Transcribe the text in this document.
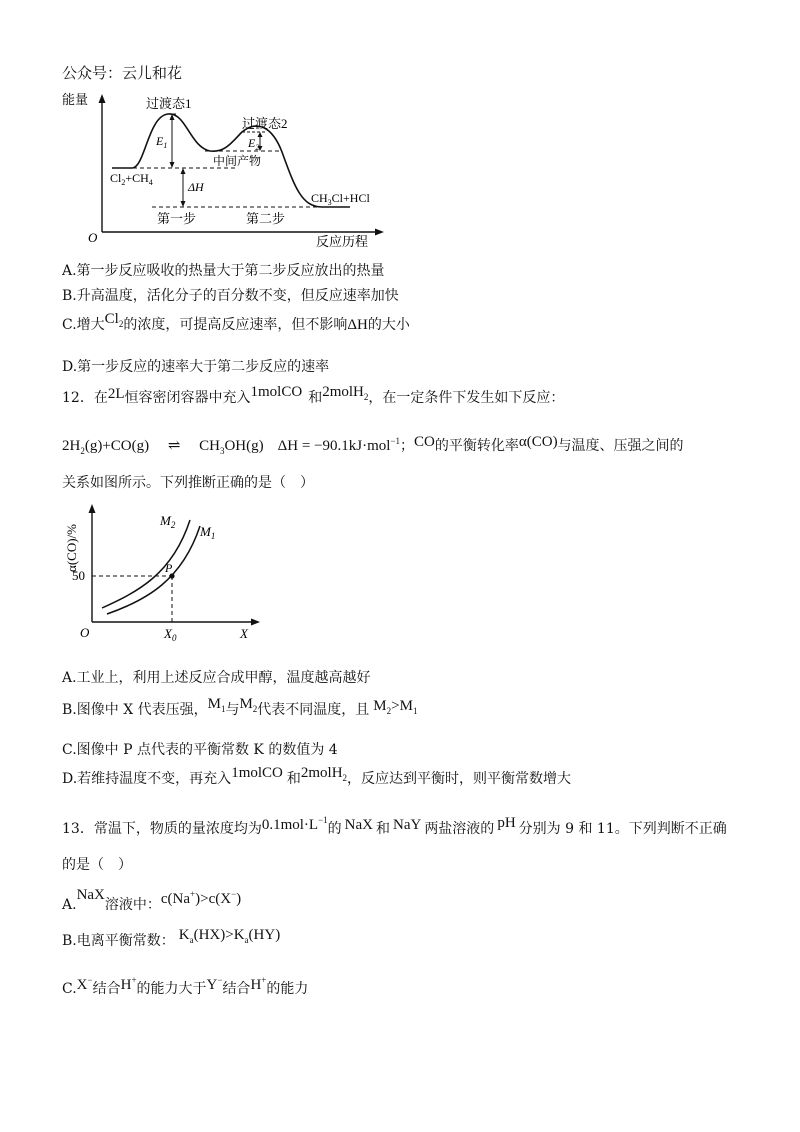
公众号：云儿和花
能量
O	反应历程
过渡态1
过渡态2
$E_1$	$E_2$
中间产物
$Cl_2+CH_4$	ΔH
$CH_3Cl+HCl$
第一步	第二步
A.第一步反应吸收的热量大于第二步反应放出的热量
B.升高温度，活化分子的百分数不变，但反应速率加快
C.增大$Cl_2$的浓度，可提高反应速率，但不影响ΔH的大小
D.第一步反应的速率大于第二步反应的速率
12．在2L恒容密闭容器中充入1molCO 和2molH$_2$，在一定条件下发生如下反应：
$2H_2(g)+CO(g)$ ⇌ $CH_3OH(g) \Delta H = -90.1kJ\cdot mol^{-1}$；CO的平衡转化率α(CO)与温度、压强之间的
关系如图所示。下列推断正确的是（　）
α(CO)/%
50
O	X
$X_0$
P
$M_2$ $M_1$
A.工业上，利用上述反应合成甲醇，温度越高越好
B.图像中 X 代表压强，$M_1$与$M_2$代表不同温度，且 $M_2>M_1$
C.图像中 P 点代表的平衡常数 K 的数值为 4
D.若维持温度不变，再充入1molCO 和2molH$_2$，反应达到平衡时，则平衡常数增大
13．常温下，物质的量浓度均为$0.1mol\cdot L^{-1}$的 NaX 和 NaY 两盐溶液的 pH 分别为 9 和 11。下列判断不正确
的是（　）
A.NaX溶液中：c(Na+)>c(X−)
B.电离平衡常数： $K_a(HX)>K_a(HY)$
C.X−结合H+的能力大于Y−结合H+的能力
